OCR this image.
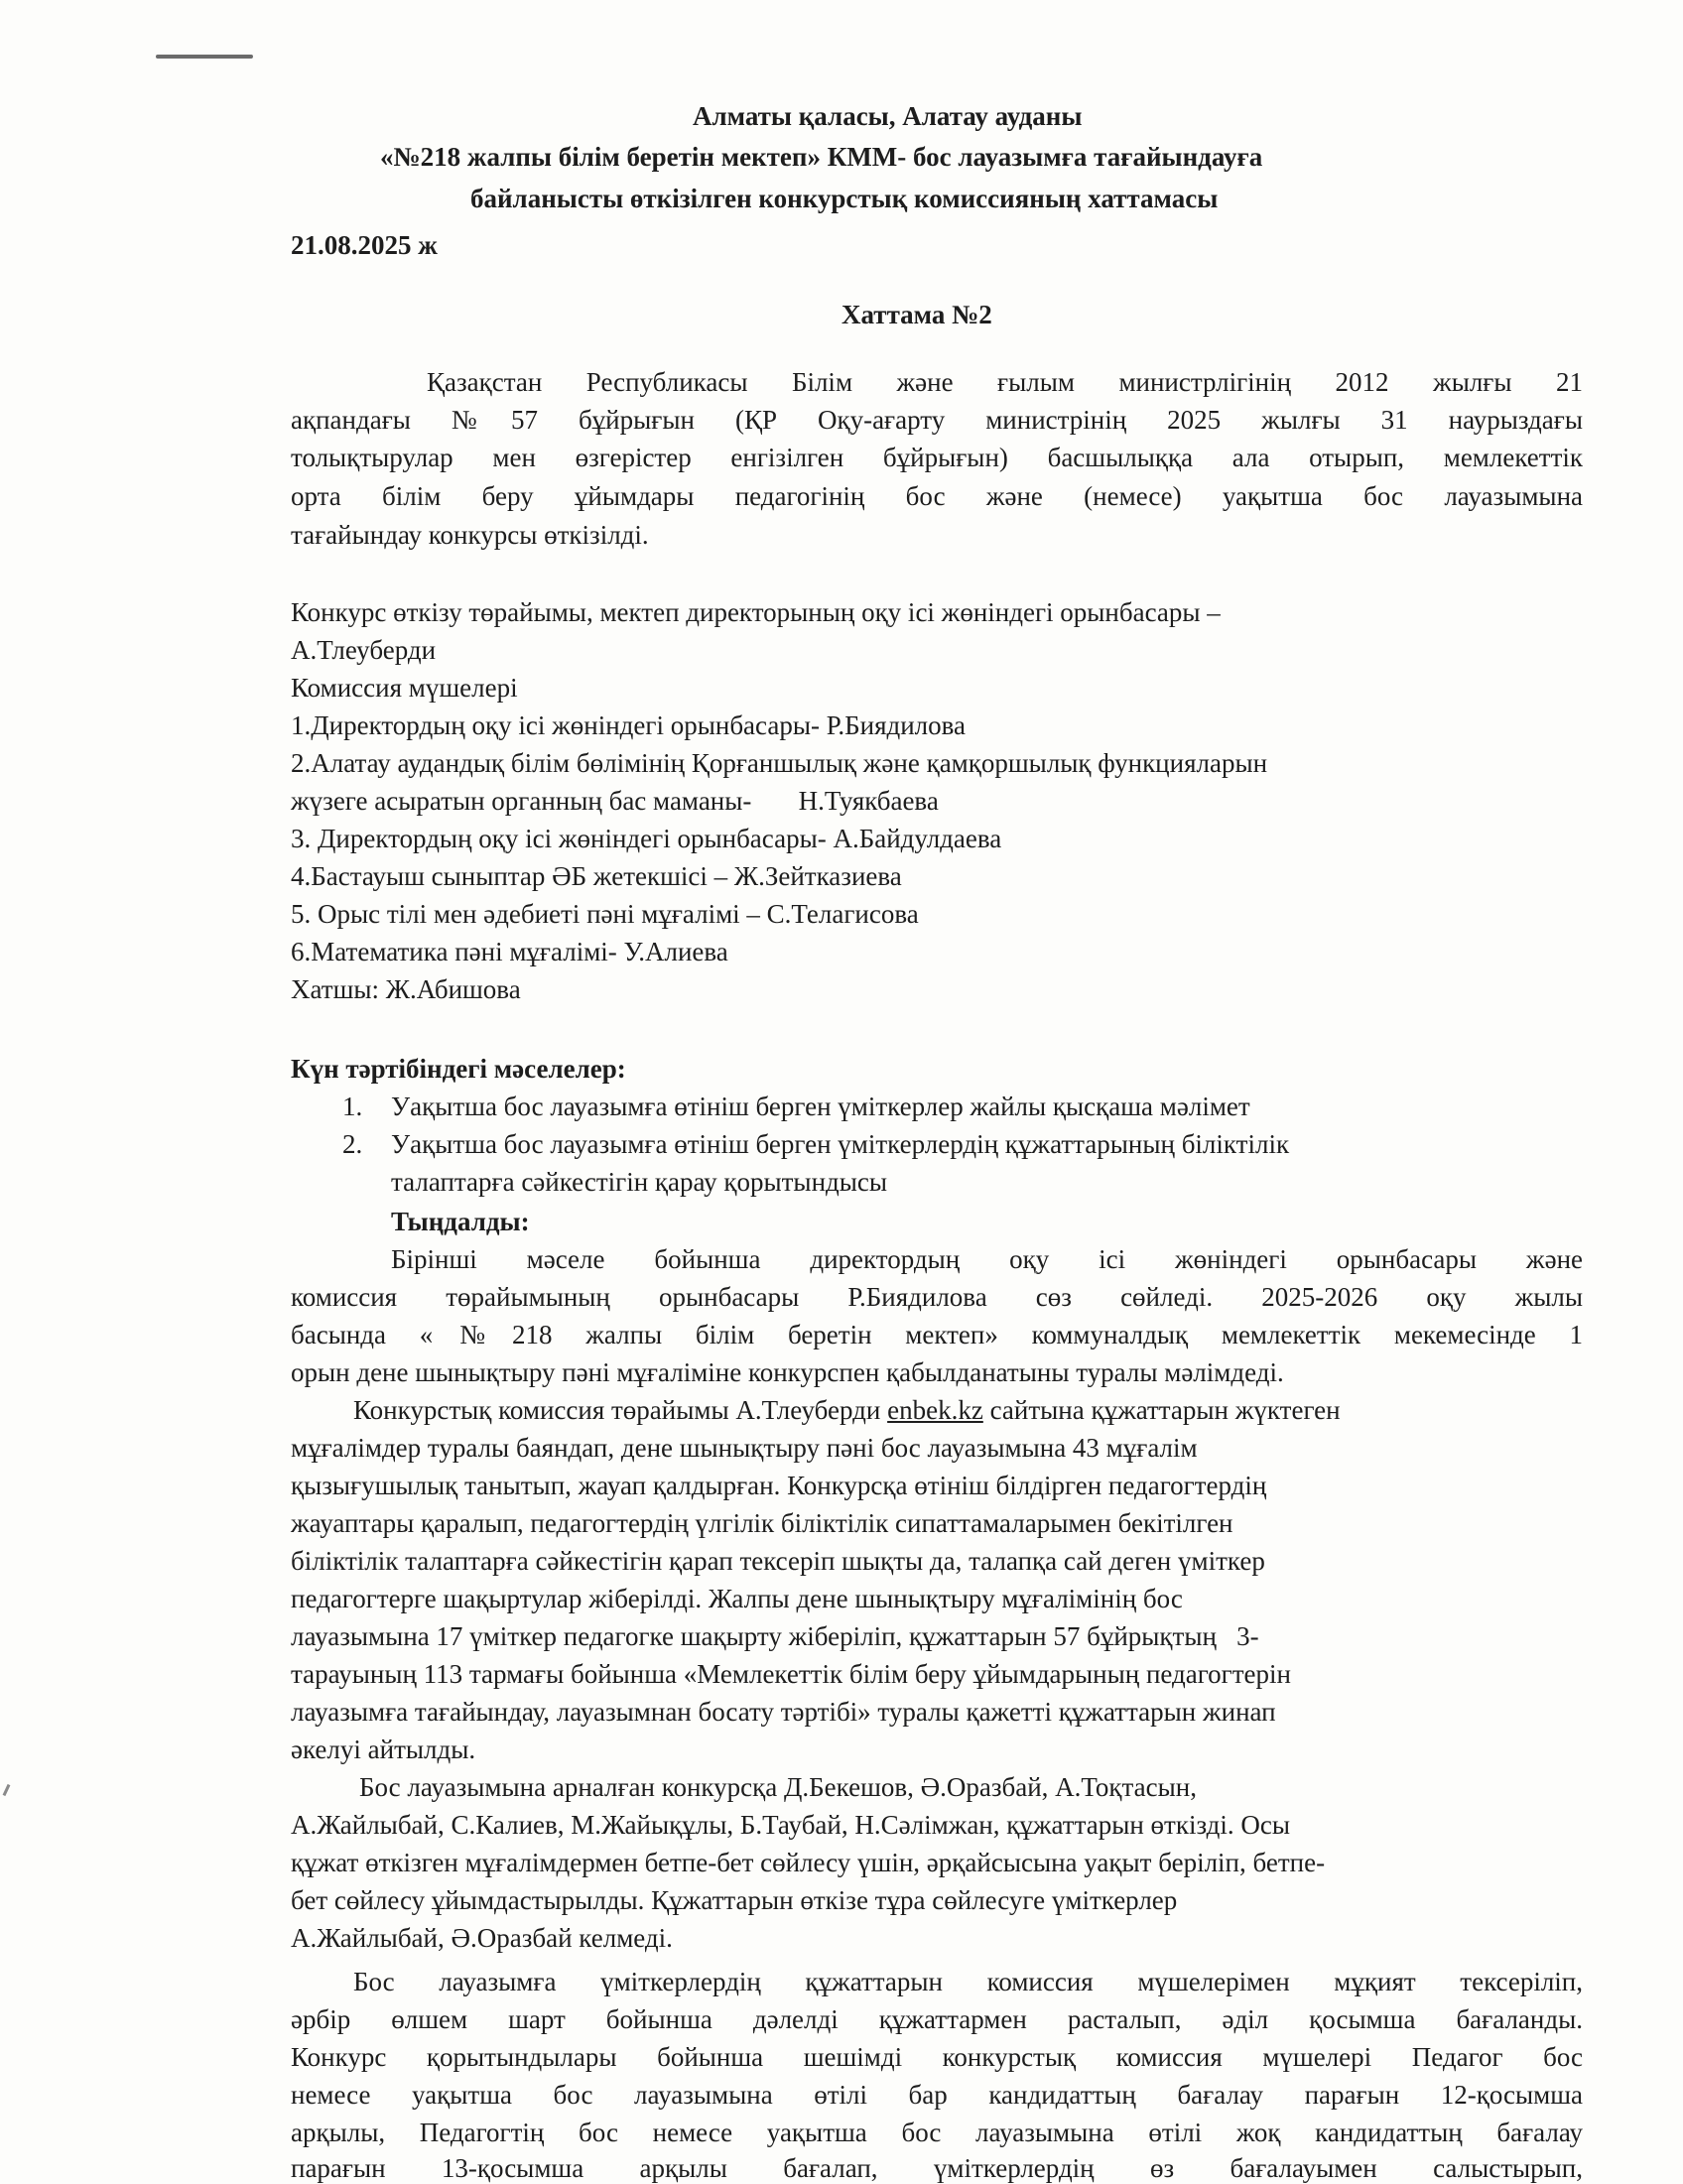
Алматы қаласы, Алатау ауданы
«№218 жалпы білім беретін мектеп» КММ- бос лауазымға тағайындауға
байланысты өткізілген конкурстық комиссияның хаттамасы
21.08.2025 ж
Хаттама №2
Қазақстан Республикасы Білім және ғылым министрлігінің 2012 жылғы 21
ақпандағы №57 бұйрығын (ҚР Оқу-ағарту министрінің 2025 жылғы 31 наурыздағы
толықтырулар мен өзгерістер енгізілген бұйрығын) басшылыққа ала отырып, мемлекеттік
орта білім беру ұйымдары педагогінің бос және (немесе) уақытша бос лауазымына
тағайындау конкурсы өткізілді.
Конкурс өткізу төрайымы, мектеп директорының оқу ісі жөніндегі орынбасары –
А.Тлеуберди
Комиссия мүшелері
1.Директордың оқу ісі жөніндегі орынбасары- Р.Биядилова
2.Алатау аудандық білім бөлімінің Қорғаншылық және қамқоршылық функцияларын
жүзеге асыратын органның бас маманы-       Н.Туякбаева
3. Директордың оқу ісі жөніндегі орынбасары- А.Байдулдаева
4.Бастауыш сыныптар ӘБ жетекшісі – Ж.Зейтказиева
5. Орыс тілі мен әдебиеті пәні мұғалімі – С.Телагисова
6.Математика пәні мұғалімі- У.Алиева
Хатшы: Ж.Абишова
Күн тәртібіндегі мәселелер:
1. Уақытша бос лауазымға өтініш берген үміткерлер жайлы қысқаша мәлімет
2. Уақытша бос лауазымға өтініш берген үміткерлердің құжаттарының біліктілік
талаптарға сәйкестігін қарау қорытындысы
Тыңдалды:
Бірінші мәселе бойынша директордың оқу ісі жөніндегі орынбасары және
комиссия төрайымының орынбасары Р.Биядилова сөз сөйледі. 2025-2026 оқу жылы
басында «№218 жалпы білім беретін мектеп» коммуналдық мемлекеттік мекемесінде 1
орын дене шынықтыру пәні мұғаліміне конкурспен қабылданатыны туралы мәлімдеді.
Конкурстық комиссия төрайымы А.Тлеуберди enbek.kz сайтына құжаттарын жүктеген
мұғалімдер туралы баяндап, дене шынықтыру пәні бос лауазымына 43 мұғалім
қызығушылық танытып, жауап қалдырған. Конкурсқа өтініш білдірген педагогтердің
жауаптары қаралып, педагогтердің үлгілік біліктілік сипаттамаларымен бекітілген
біліктілік талаптарға сәйкестігін қарап тексеріп шықты да, талапқа сай деген үміткер
педагогтерге шақыртулар жіберілді. Жалпы дене шынықтыру мұғалімінің бос
лауазымына 17 үміткер педагогке шақырту жіберіліп, құжаттарын 57 бұйрықтың   3-
тарауының 113 тармағы бойынша «Мемлекеттік білім беру ұйымдарының педагогтерін
лауазымға тағайындау, лауазымнан босату тәртібі» туралы қажетті құжаттарын жинап
әкелуі айтылды.
Бос лауазымына арналған конкурсқа Д.Бекешов, Ә.Оразбай, А.Тоқтасын,
А.Жайлыбай, С.Калиев, М.Жайықұлы, Б.Таубай, Н.Сәлімжан, құжаттарын өткізді. Осы
құжат өткізген мұғалімдермен бетпе-бет сөйлесу үшін, әрқайсысына уақыт беріліп, бетпе-
бет сөйлесу ұйымдастырылды. Құжаттарын өткізе тұра сөйлесуге үміткерлер
А.Жайлыбай, Ә.Оразбай келмеді.
Бос лауазымға үміткерлердің құжаттарын комиссия мүшелерімен мұқият тексеріліп,
әрбір өлшем шарт бойынша дәлелді құжаттармен расталып, әділ қосымша бағаланды.
Конкурс қорытындылары бойынша шешімді конкурстық комиссия мүшелері Педагог бос
немесе уақытша бос лауазымына өтілі бар кандидаттың бағалау парағын 12-қосымша
арқылы, Педагогтің бос немесе уақытша бос лауазымына өтілі жоқ кандидаттың бағалау
парағын 13-қосымша арқылы бағалап, үміткерлердің өз бағалауымен салыстырып,
